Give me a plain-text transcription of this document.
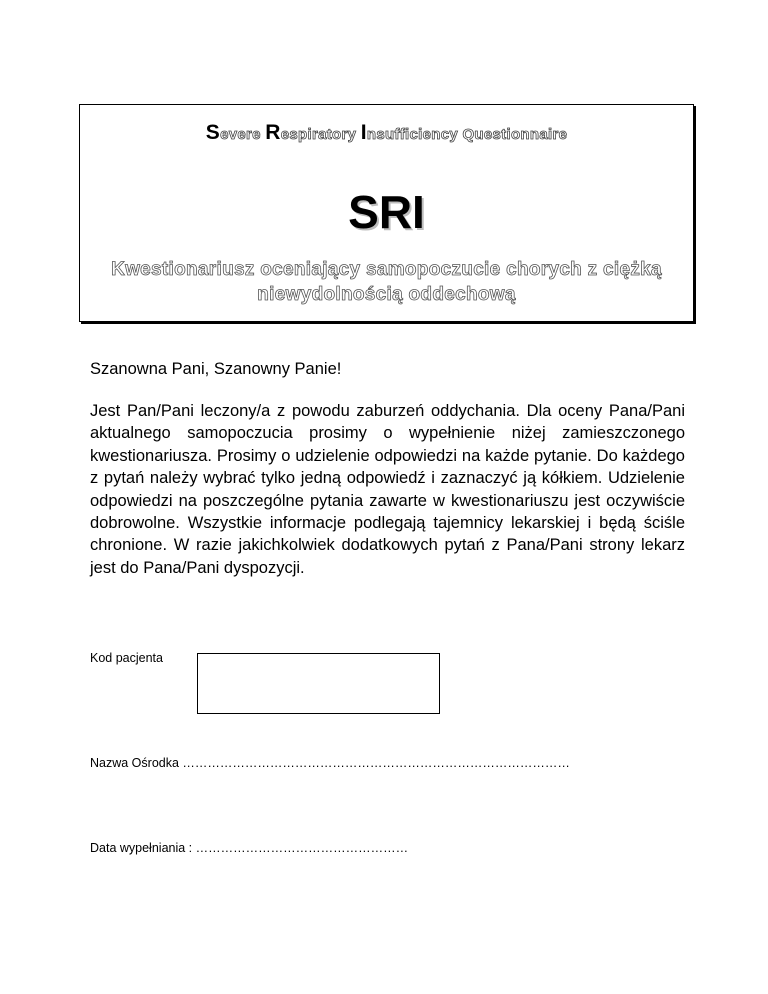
Severe Respiratory Insufficiency Questionnaire
SRI
Kwestionariusz oceniający samopoczucie chorych z ciężką
niewydolnością oddechową
Szanowna Pani, Szanowny Panie!

Jest Pan/Pani leczony/a z powodu zaburzeń oddychania. Dla oceny Pana/Pani aktualnego samopoczucia prosimy o wypełnienie niżej zamieszczonego kwestionariusza. Prosimy o udzielenie odpowiedzi na każde pytanie. Do każdego z pytań należy wybrać tylko jedną odpowiedź i zaznaczyć ją kółkiem. Udzielenie odpowiedzi na poszczególne pytania zawarte w kwestionariuszu jest oczywiście dobrowolne. Wszystkie informacje podlegają tajemnicy lekarskiej i będą ściśle chronione. W razie jakichkolwiek dodatkowych pytań z Pana/Pani strony lekarz jest do Pana/Pani dyspozycji.

Kod pacjenta
Nazwa Ośrodka …………………………………………………………………………………
Data wypełniania : ……………………………………………
